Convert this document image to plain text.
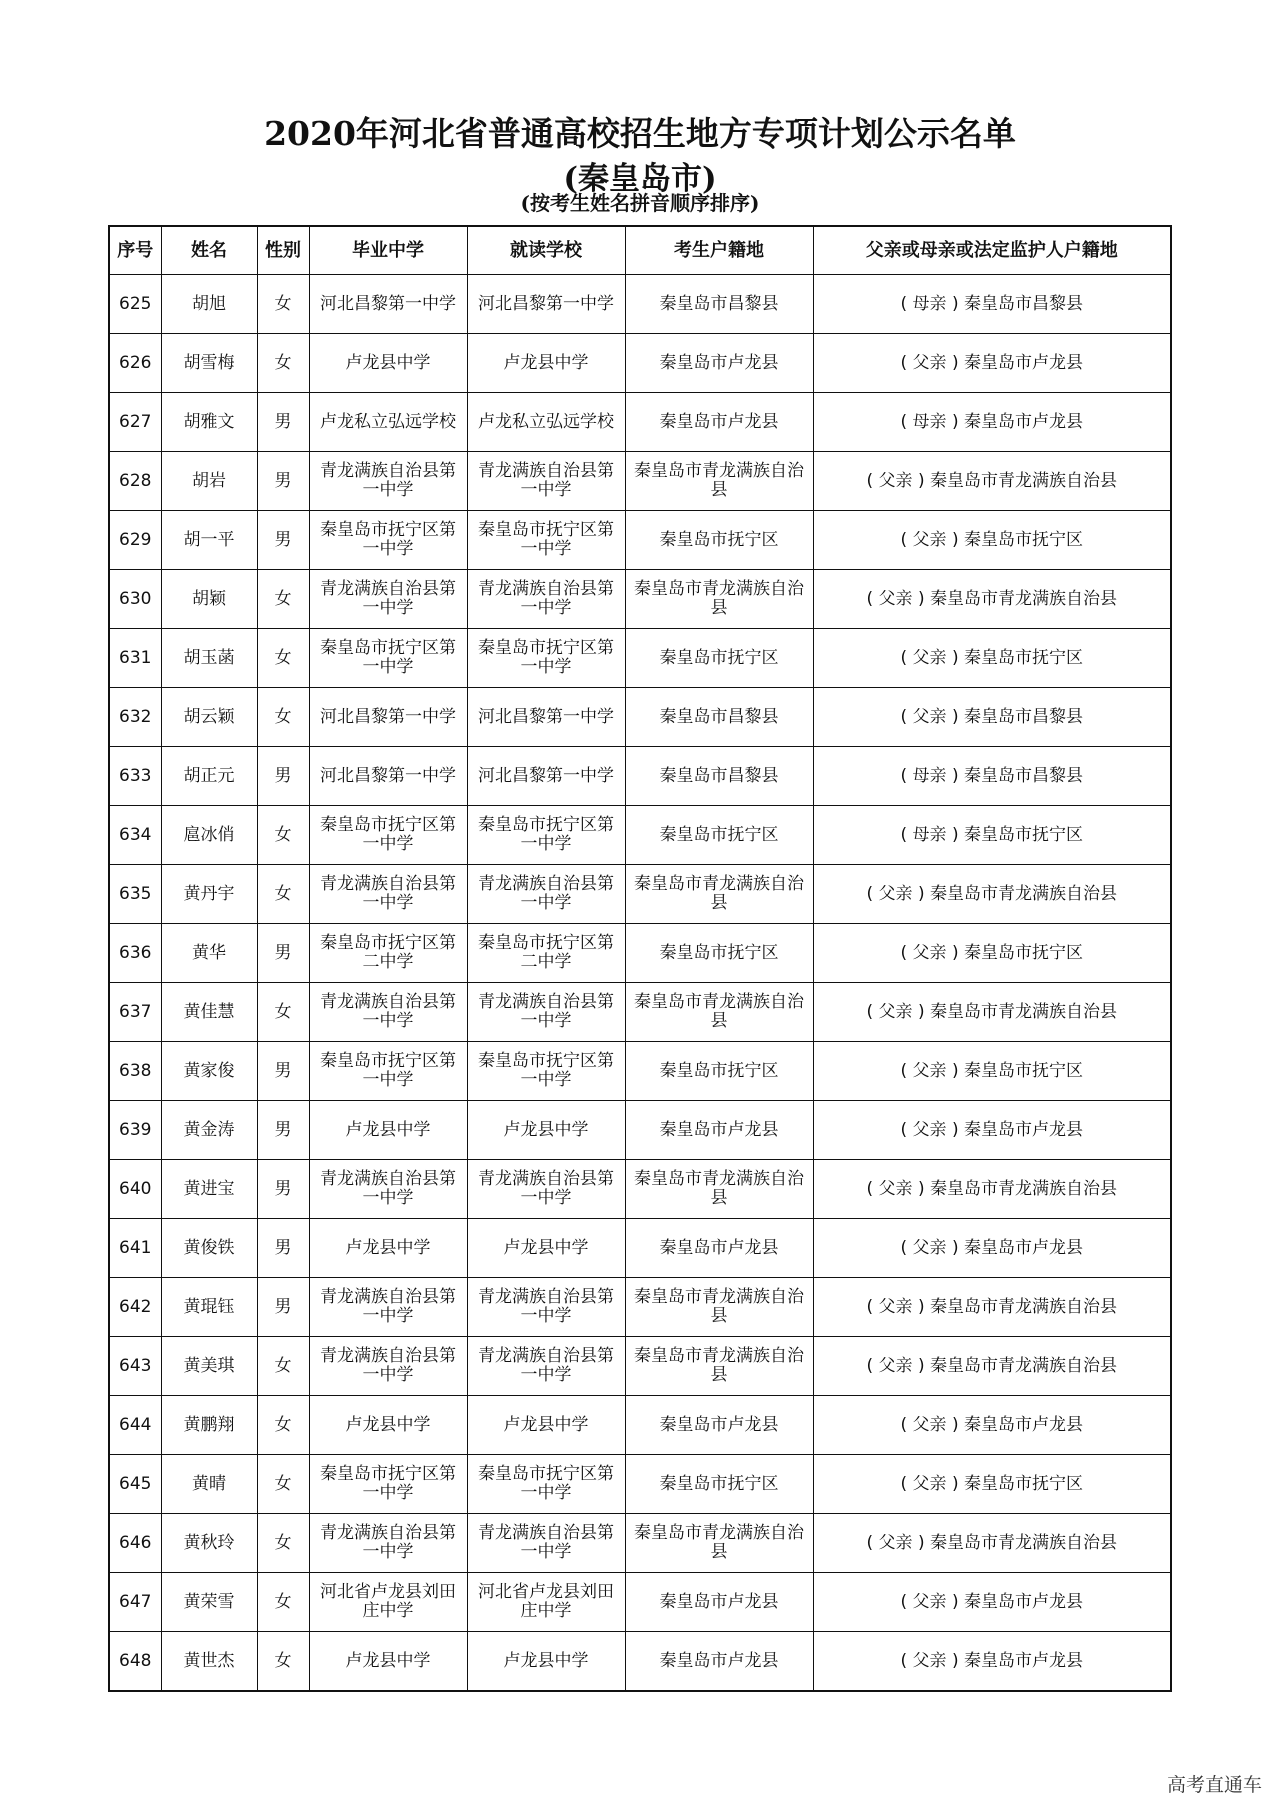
2020年河北省普通高校招生地方专项计划公示名单
(秦皇岛市)
(按考生姓名拼音顺序排序)
序号	姓名	性别	毕业中学	就读学校	考生户籍地	父亲或母亲或法定监护人户籍地
625	胡旭	女	河北昌黎第一中学	河北昌黎第一中学	秦皇岛市昌黎县	( 母亲 ) 秦皇岛市昌黎县
626	胡雪梅	女	卢龙县中学	卢龙县中学	秦皇岛市卢龙县	( 父亲 ) 秦皇岛市卢龙县
627	胡雅文	男	卢龙私立弘远学校	卢龙私立弘远学校	秦皇岛市卢龙县	( 母亲 ) 秦皇岛市卢龙县
628	胡岩	男	青龙满族自治县第一中学	青龙满族自治县第一中学	秦皇岛市青龙满族自治县	( 父亲 ) 秦皇岛市青龙满族自治县
629	胡一平	男	秦皇岛市抚宁区第一中学	秦皇岛市抚宁区第一中学	秦皇岛市抚宁区	( 父亲 ) 秦皇岛市抚宁区
630	胡颖	女	青龙满族自治县第一中学	青龙满族自治县第一中学	秦皇岛市青龙满族自治县	( 父亲 ) 秦皇岛市青龙满族自治县
631	胡玉菡	女	秦皇岛市抚宁区第一中学	秦皇岛市抚宁区第一中学	秦皇岛市抚宁区	( 父亲 ) 秦皇岛市抚宁区
632	胡云颖	女	河北昌黎第一中学	河北昌黎第一中学	秦皇岛市昌黎县	( 父亲 ) 秦皇岛市昌黎县
633	胡正元	男	河北昌黎第一中学	河北昌黎第一中学	秦皇岛市昌黎县	( 母亲 ) 秦皇岛市昌黎县
634	扈冰俏	女	秦皇岛市抚宁区第一中学	秦皇岛市抚宁区第一中学	秦皇岛市抚宁区	( 母亲 ) 秦皇岛市抚宁区
635	黄丹宇	女	青龙满族自治县第一中学	青龙满族自治县第一中学	秦皇岛市青龙满族自治县	( 父亲 ) 秦皇岛市青龙满族自治县
636	黄华	男	秦皇岛市抚宁区第二中学	秦皇岛市抚宁区第二中学	秦皇岛市抚宁区	( 父亲 ) 秦皇岛市抚宁区
637	黄佳慧	女	青龙满族自治县第一中学	青龙满族自治县第一中学	秦皇岛市青龙满族自治县	( 父亲 ) 秦皇岛市青龙满族自治县
638	黄家俊	男	秦皇岛市抚宁区第一中学	秦皇岛市抚宁区第一中学	秦皇岛市抚宁区	( 父亲 ) 秦皇岛市抚宁区
639	黄金涛	男	卢龙县中学	卢龙县中学	秦皇岛市卢龙县	( 父亲 ) 秦皇岛市卢龙县
640	黄进宝	男	青龙满族自治县第一中学	青龙满族自治县第一中学	秦皇岛市青龙满族自治县	( 父亲 ) 秦皇岛市青龙满族自治县
641	黄俊铁	男	卢龙县中学	卢龙县中学	秦皇岛市卢龙县	( 父亲 ) 秦皇岛市卢龙县
642	黄琨钰	男	青龙满族自治县第一中学	青龙满族自治县第一中学	秦皇岛市青龙满族自治县	( 父亲 ) 秦皇岛市青龙满族自治县
643	黄美琪	女	青龙满族自治县第一中学	青龙满族自治县第一中学	秦皇岛市青龙满族自治县	( 父亲 ) 秦皇岛市青龙满族自治县
644	黄鹏翔	女	卢龙县中学	卢龙县中学	秦皇岛市卢龙县	( 父亲 ) 秦皇岛市卢龙县
645	黄晴	女	秦皇岛市抚宁区第一中学	秦皇岛市抚宁区第一中学	秦皇岛市抚宁区	( 父亲 ) 秦皇岛市抚宁区
646	黄秋玲	女	青龙满族自治县第一中学	青龙满族自治县第一中学	秦皇岛市青龙满族自治县	( 父亲 ) 秦皇岛市青龙满族自治县
647	黄荣雪	女	河北省卢龙县刘田庄中学	河北省卢龙县刘田庄中学	秦皇岛市卢龙县	( 父亲 ) 秦皇岛市卢龙县
648	黄世杰	女	卢龙县中学	卢龙县中学	秦皇岛市卢龙县	( 父亲 ) 秦皇岛市卢龙县
高考直通车
